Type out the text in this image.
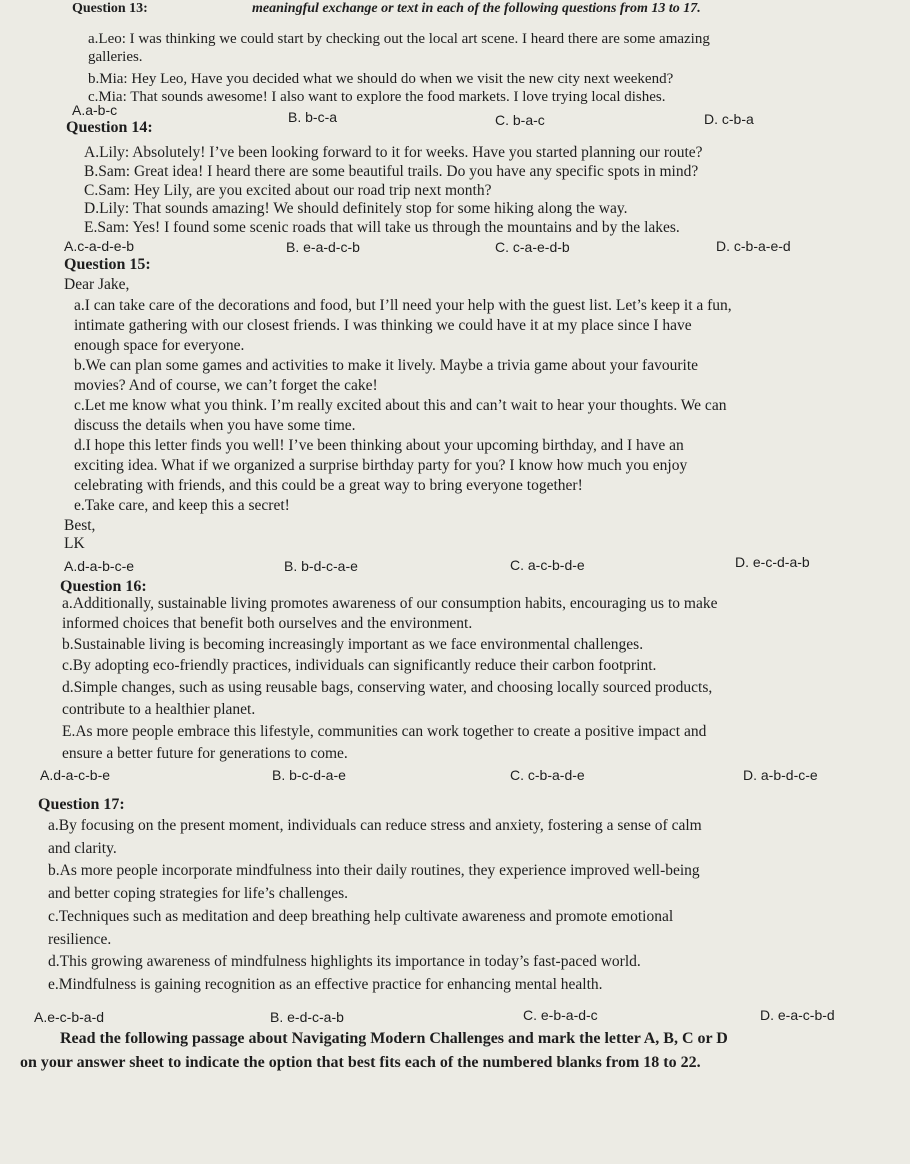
Question 13:	meaningful exchange or text in each of the following questions from 13 to 17.
a.Leo: I was thinking we could start by checking out the local art scene. I heard there are some amazing
galleries.
b.Mia: Hey Leo, Have you decided what we should do when we visit the new city next weekend?
c.Mia: That sounds awesome! I also want to explore the food markets. I love trying local dishes.
A.a-b-c	B. b-c-a	C. b-a-c	D. c-b-a
Question 14:
A.Lily: Absolutely! I’ve been looking forward to it for weeks. Have you started planning our route?
B.Sam: Great idea! I heard there are some beautiful trails. Do you have any specific spots in mind?
C.Sam: Hey Lily, are you excited about our road trip next month?
D.Lily: That sounds amazing! We should definitely stop for some hiking along the way.
E.Sam: Yes! I found some scenic roads that will take us through the mountains and by the lakes.
A.c-a-d-e-b	B. e-a-d-c-b	C. c-a-e-d-b	D. c-b-a-e-d
Question 15:
Dear Jake,
a.I can take care of the decorations and food, but I’ll need your help with the guest list. Let’s keep it a fun,
intimate gathering with our closest friends. I was thinking we could have it at my place since I have
enough space for everyone.
b.We can plan some games and activities to make it lively. Maybe a trivia game about your favourite
movies? And of course, we can’t forget the cake!
c.Let me know what you think. I’m really excited about this and can’t wait to hear your thoughts. We can
discuss the details when you have some time.
d.I hope this letter finds you well! I’ve been thinking about your upcoming birthday, and I have an
exciting idea. What if we organized a surprise birthday party for you? I know how much you enjoy
celebrating with friends, and this could be a great way to bring everyone together!
e.Take care, and keep this a secret!
Best,
LK
A.d-a-b-c-e	B. b-d-c-a-e	C. a-c-b-d-e	D. e-c-d-a-b
Question 16:
a.Additionally, sustainable living promotes awareness of our consumption habits, encouraging us to make
informed choices that benefit both ourselves and the environment.
b.Sustainable living is becoming increasingly important as we face environmental challenges.
c.By adopting eco-friendly practices, individuals can significantly reduce their carbon footprint.
d.Simple changes, such as using reusable bags, conserving water, and choosing locally sourced products,
contribute to a healthier planet.
E.As more people embrace this lifestyle, communities can work together to create a positive impact and
ensure a better future for generations to come.
A.d-a-c-b-e	B. b-c-d-a-e	C. c-b-a-d-e	D. a-b-d-c-e
Question 17:
a.By focusing on the present moment, individuals can reduce stress and anxiety, fostering a sense of calm
and clarity.
b.As more people incorporate mindfulness into their daily routines, they experience improved well-being
and better coping strategies for life’s challenges.
c.Techniques such as meditation and deep breathing help cultivate awareness and promote emotional
resilience.
d.This growing awareness of mindfulness highlights its importance in today’s fast-paced world.
e.Mindfulness is gaining recognition as an effective practice for enhancing mental health.
A.e-c-b-a-d	B. e-d-c-a-b	C. e-b-a-d-c	D. e-a-c-b-d
Read the following passage about Navigating Modern Challenges and mark the letter A, B, C or D
on your answer sheet to indicate the option that best fits each of the numbered blanks from 18 to 22.
